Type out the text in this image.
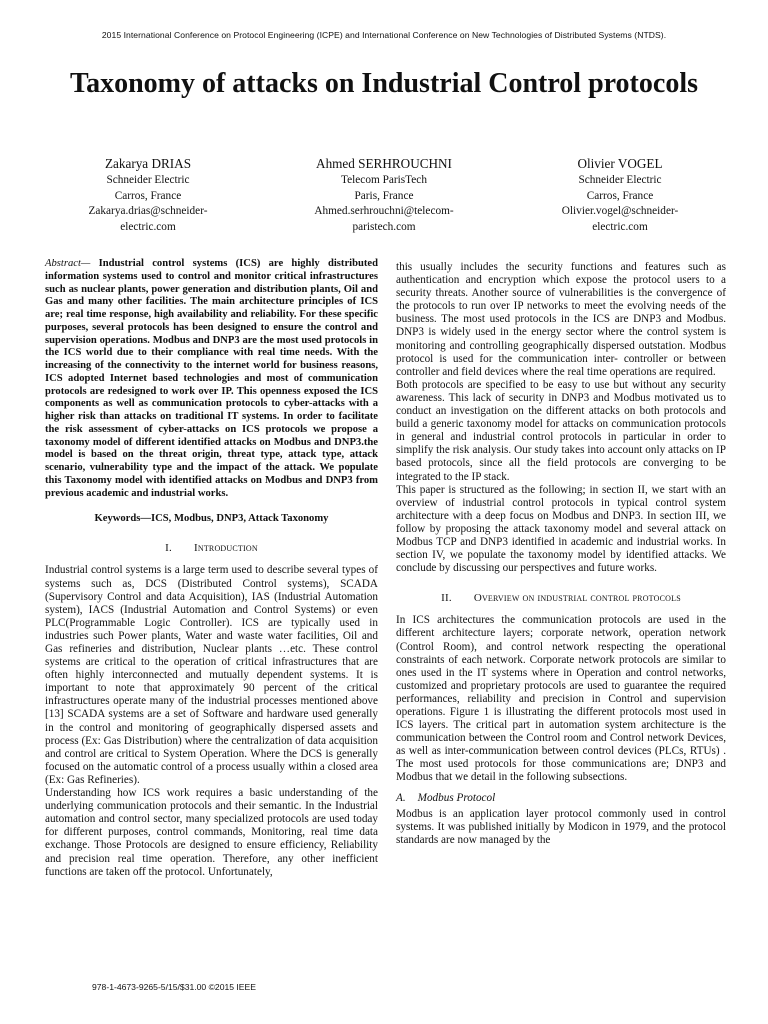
2015 International Conference on Protocol Engineering (ICPE) and International Conference on New Technologies of Distributed Systems (NTDS).
Taxonomy of attacks on Industrial Control protocols
Zakarya DRIAS
Schneider Electric
Carros, France
Zakarya.drias@schneider-
electric.com
Ahmed SERHROUCHNI
Telecom ParisTech
Paris, France
Ahmed.serhrouchni@telecom-
paristech.com
Olivier VOGEL
Schneider Electric
Carros, France
Olivier.vogel@schneider-
electric.com

Abstract— Industrial control systems (ICS) are highly distributed information systems used to control and monitor critical infrastructures such as nuclear plants, power generation and distribution plants, Oil and Gas and many other facilities. The main architecture principles of ICS are; real time response, high availability and reliability. For these specific purposes, several protocols has been designed to ensure the control and supervision operations. Modbus and DNP3 are the most used protocols in the ICS world due to their compliance with real time needs. With the increasing of the connectivity to the internet world for business reasons, ICS adopted Internet based technologies and most of communication protocols are redesigned to work over IP. This openness exposed the ICS components as well as communication protocols to cyber-attacks with a higher risk than attacks on traditional IT systems. In order to facilitate the risk assessment of cyber-attacks on ICS protocols we propose a taxonomy model of different identified attacks on Modbus and DNP3.the model is based on the threat origin, threat type, attack type, attack scenario, vulnerability type and the impact of the attack. We populate this Taxonomy model with identified attacks on Modbus and DNP3 from previous academic and industrial works.

Keywords—ICS, Modbus, DNP3, Attack Taxonomy

I. Introduction

Industrial control systems is a large term used to describe several types of systems such as, DCS (Distributed Control systems), SCADA (Supervisory Control and data Acquisition), IAS (Industrial Automation system), IACS (Industrial Automation and Control Systems) or even PLC(Programmable Logic Controller). ICS are typically used in industries such Power plants, Water and waste water facilities, Oil and Gas refineries and distribution, Nuclear plants …etc. These control systems are critical to the operation of critical infrastructures that are often highly interconnected and mutually dependent systems. It is important to note that approximately 90 percent of the critical infrastructures operate many of the industrial processes mentioned above [13] SCADA systems are a set of Software and hardware used generally in the control and monitoring of geographically dispersed assets and process (Ex: Gas Distribution) where the centralization of data acquisition and control are critical to System Operation. Where the DCS is generally focused on the automatic control of a process usually within a closed area (Ex: Gas Refineries).

Understanding how ICS work requires a basic understanding of the underlying communication protocols and their semantic. In the Industrial automation and control sector, many specialized protocols are used today for different purposes, control commands, Monitoring, real time data exchange. Those Protocols are designed to ensure efficiency, Reliability and precision real time operation. Therefore, any other inefficient functions are taken off the protocol. Unfortunately,

this usually includes the security functions and features such as authentication and encryption which expose the protocol users to a security threats. Another source of vulnerabilities is the convergence of the protocols to run over IP networks to meet the evolving needs of the business. The most used protocols in the ICS are DNP3 and Modbus. DNP3 is widely used in the energy sector where the control system is monitoring and controlling geographically dispersed outstation. Modbus protocol is used for the communication inter- controller or between controller and field devices where the real time operations are required.

Both protocols are specified to be easy to use but without any security awareness. This lack of security in DNP3 and Modbus motivated us to conduct an investigation on the different attacks on both protocols and build a generic taxonomy model for attacks on communication protocols in general and industrial control protocols in particular in order to simplify the risk analysis. Our study takes into account only attacks on IP based protocols, since all the field protocols are converging to be integrated to the IP stack.

This paper is structured as the following; in section II, we start with an overview of industrial control protocols in typical control system architecture with a deep focus on Modbus and DNP3. In section III, we follow by proposing the attack taxonomy model and several attack on Modbus TCP and DNP3 identified in academic and industrial works. In section IV, we populate the taxonomy model by identified attacks. We conclude by discussing our perspectives and future works.

II. Overview on industrial control protocols

In ICS architectures the communication protocols are used in the different architecture layers; corporate network, operation network (Control Room), and control network respecting the operational constraints of each network. Corporate network protocols are similar to ones used in the IT systems where in Operation and control networks, customized and proprietary protocols are used to guarantee the required performances, reliability and precision in Control and supervision operations. Figure 1 is illustrating the different protocols most used in ICS layers. The critical part in automation system architecture is the communication between the Control room and Control network Devices, as well as inter-communication between control devices (PLCs, RTUs) . The most used protocols for those communications are; DNP3 and Modbus that we detail in the following subsections.

A. Modbus Protocol

Modbus is an application layer protocol commonly used in control systems. It was published initially by Modicon in 1979, and the protocol standards are now managed by the

978-1-4673-9265-5/15/$31.00 ©2015 IEEE
